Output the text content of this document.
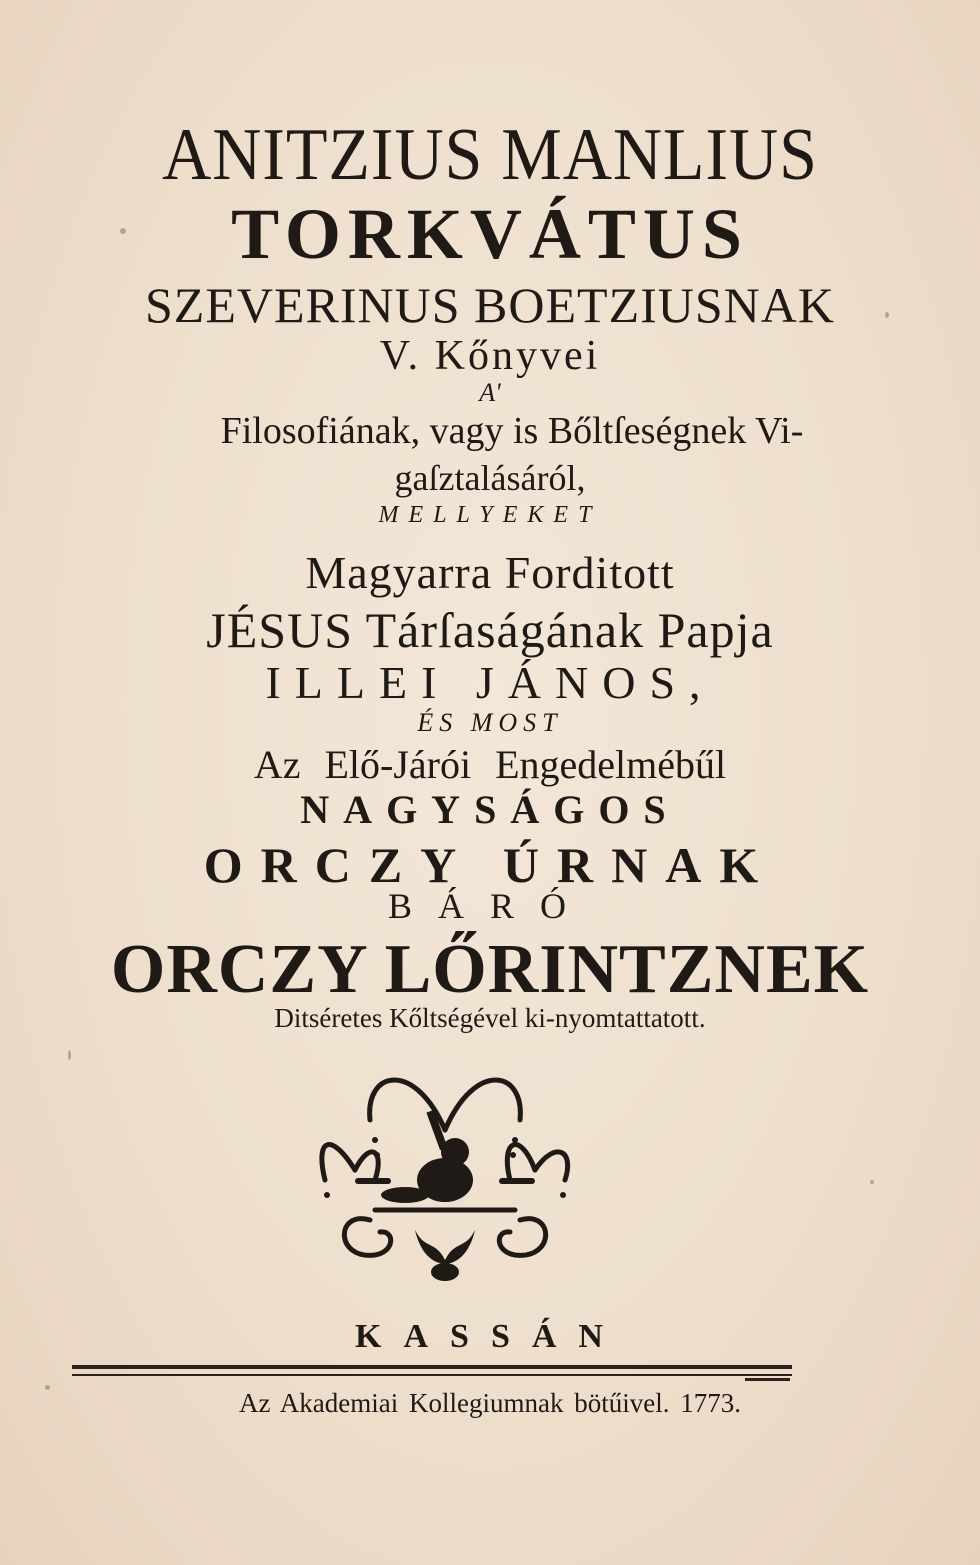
ANITZIUS MANLIUS
TORKVÁTUS
SZEVERINUS BOETZIUSNAK
V. Kőnyvei
A'
Filosofiának, vagy is Bőltſeségnek Vi-
gaſztalásáról,
MELLYEKET
Magyarra Forditott
JÉSUS Tárſaságának Papja
ILLEI JÁNOS,
ÉS MOST
Az Elő-Járói Engedelmébűl
NAGYSÁGOS
ORCZY ÚRNAK
BÁRÓ
ORCZY LŐRINTZNEK
Ditséretes Kőltségével ki-nyomtattatott.
KASSÁN
Az Akademiai Kollegiumnak bötűivel. 1773.
